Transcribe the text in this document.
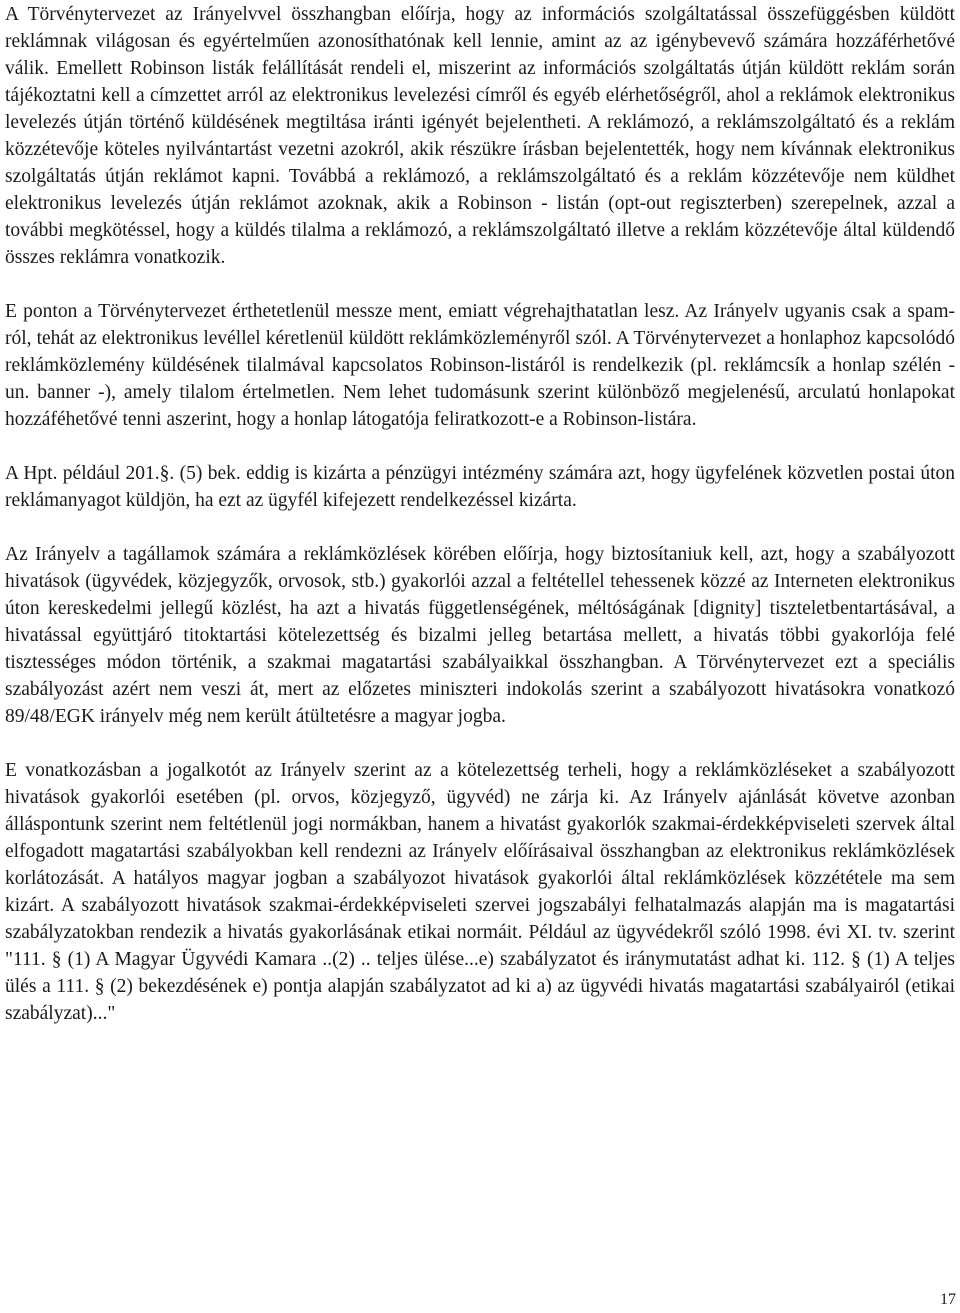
A Törvénytervezet az Irányelvvel összhangban előírja, hogy az információs szolgáltatással összefüggésben küldött reklámnak világosan és egyértelműen azonosíthatónak kell lennie, amint az az igénybevevő számára hozzáférhetővé válik. Emellett Robinson listák felállítását rendeli el, miszerint az információs szolgáltatás útján küldött reklám során tájékoztatni kell a címzettet arról az elektronikus levelezési címről és egyéb elérhetőségről, ahol a reklámok elektronikus levelezés útján történő küldésének megtiltása iránti igényét bejelentheti. A reklámozó, a reklámszolgáltató és a reklám közzétevője köteles nyilvántartást vezetni azokról, akik részükre írásban bejelentették, hogy nem kívánnak elektronikus szolgáltatás útján reklámot kapni. Továbbá a reklámozó, a reklámszolgáltató és a reklám közzétevője nem küldhet elektronikus levelezés útján reklámot azoknak, akik a Robinson - listán (opt-out regiszterben) szerepelnek, azzal a további megkötéssel, hogy a küldés tilalma a reklámozó, a reklámszolgáltató illetve a reklám közzétevője által küldendő összes reklámra vonatkozik.

E ponton a Törvénytervezet érthetetlenül messze ment, emiatt végrehajthatatlan lesz. Az Irányelv ugyanis csak a spam-ról, tehát az elektronikus levéllel kéretlenül küldött reklámközleményről szól. A Törvénytervezet a honlaphoz kapcsolódó reklámközlemény küldésének tilalmával kapcsolatos Robinson-listáról is rendelkezik (pl. reklámcsík a honlap szélén - un. banner -), amely tilalom értelmetlen. Nem lehet tudomásunk szerint különböző megjelenésű, arculatú honlapokat hozzáféhetővé tenni aszerint, hogy a honlap látogatója feliratkozott-e a Robinson-listára.

A Hpt. például 201.§. (5) bek. eddig is kizárta a pénzügyi intézmény számára azt, hogy ügyfelének közvetlen postai úton reklámanyagot küldjön, ha ezt az ügyfél kifejezett rendelkezéssel kizárta.

Az Irányelv a tagállamok számára a reklámközlések körében előírja, hogy biztosítaniuk kell, azt, hogy a szabályozott hivatások (ügyvédek, közjegyzők, orvosok, stb.) gyakorlói azzal a feltétellel tehessenek közzé az Interneten elektronikus úton kereskedelmi jellegű közlést, ha azt a hivatás függetlenségének, méltóságának [dignity] tiszteletbentartásával, a hivatással együttjáró titoktartási kötelezettség és bizalmi jelleg betartása mellett, a hivatás többi gyakorlója felé tisztességes módon történik, a szakmai magatartási szabályaikkal összhangban. A Törvénytervezet ezt a speciális szabályozást azért nem veszi át, mert az előzetes miniszteri indokolás szerint a szabályozott hivatásokra vonatkozó 89/48/EGK irányelv még nem került átültetésre a magyar jogba.

E vonatkozásban a jogalkotót az Irányelv szerint az a kötelezettség terheli, hogy a reklámközléseket a szabályozott hivatások gyakorlói esetében (pl. orvos, közjegyző, ügyvéd) ne zárja ki. Az Irányelv ajánlását követve azonban álláspontunk szerint nem feltétlenül jogi normákban, hanem a hivatást gyakorlók szakmai-érdekképviseleti szervek által elfogadott magatartási szabályokban kell rendezni az Irányelv előírásaival összhangban az elektronikus reklámközlések korlátozását. A hatályos magyar jogban a szabályozot hivatások gyakorlói által reklámközlések közzététele ma sem kizárt. A szabályozott hivatások szakmai-érdekképviseleti szervei jogszabályi felhatalmazás alapján ma is magatartási szabályzatokban rendezik a hivatás gyakorlásának etikai normáit. Például az ügyvédekről szóló 1998. évi XI. tv. szerint "111. § (1) A Magyar Ügyvédi Kamara ..(2) .. teljes ülése...e) szabályzatot és iránymutatást adhat ki. 112. § (1) A teljes ülés a 111. § (2) bekezdésének e) pontja alapján szabályzatot ad ki a) az ügyvédi hivatás magatartási szabályairól (etikai szabályzat)..."

17
